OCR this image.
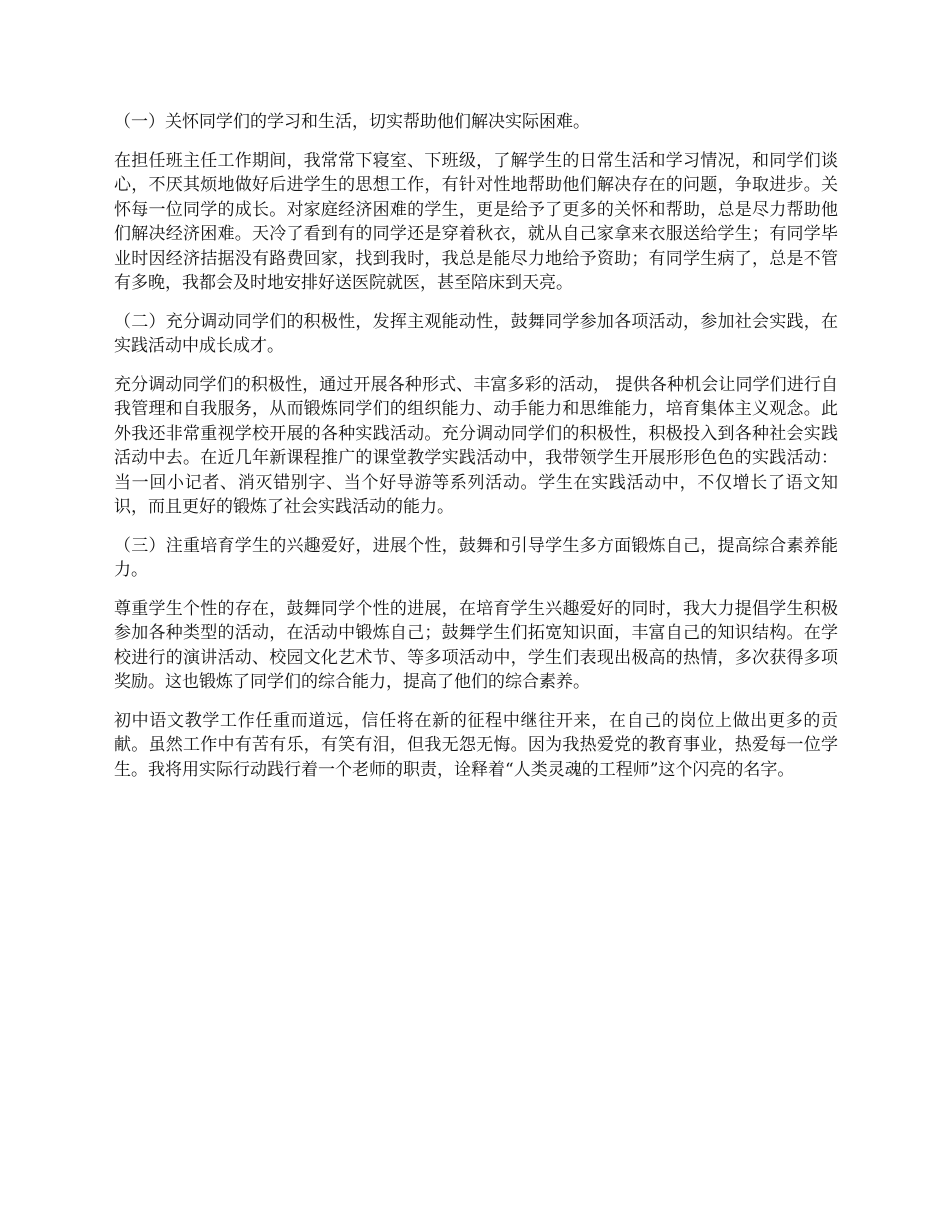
（一）关怀同学们的学习和生活，切实帮助他们解决实际困难。

在担任班主任工作期间，我常常下寝室、下班级，了解学生的日常生活和学习情况，和同学们谈心，不厌其烦地做好后进学生的思想工作，有针对性地帮助他们解决存在的问题，争取进步。关怀每一位同学的成长。对家庭经济困难的学生，更是给予了更多的关怀和帮助，总是尽力帮助他们解决经济困难。天冷了看到有的同学还是穿着秋衣，就从自己家拿来衣服送给学生；有同学毕业时因经济拮据没有路费回家，找到我时，我总是能尽力地给予资助；有同学生病了，总是不管有多晚，我都会及时地安排好送医院就医，甚至陪床到天亮。

（二）充分调动同学们的积极性，发挥主观能动性，鼓舞同学参加各项活动，参加社会实践，在实践活动中成长成才。

充分调动同学们的积极性，通过开展各种形式、丰富多彩的活动， 提供各种机会让同学们进行自我管理和自我服务，从而锻炼同学们的组织能力、动手能力和思维能力，培育集体主义观念。此外我还非常重视学校开展的各种实践活动。充分调动同学们的积极性，积极投入到各种社会实践活动中去。在近几年新课程推广的课堂教学实践活动中，我带领学生开展形形色色的实践活动：当一回小记者、消灭错别字、当个好导游等系列活动。学生在实践活动中，不仅增长了语文知识，而且更好的锻炼了社会实践活动的能力。

（三）注重培育学生的兴趣爱好，进展个性，鼓舞和引导学生多方面锻炼自己，提高综合素养能力。

尊重学生个性的存在，鼓舞同学个性的进展，在培育学生兴趣爱好的同时，我大力提倡学生积极参加各种类型的活动，在活动中锻炼自己；鼓舞学生们拓宽知识面，丰富自己的知识结构。在学校进行的演讲活动、校园文化艺术节、等多项活动中，学生们表现出极高的热情，多次获得多项奖励。这也锻炼了同学们的综合能力，提高了他们的综合素养。

初中语文教学工作任重而道远，信任将在新的征程中继往开来，在自己的岗位上做出更多的贡献。虽然工作中有苦有乐，有笑有泪，但我无怨无悔。因为我热爱党的教育事业，热爱每一位学生。我将用实际行动践行着一个老师的职责，诠释着“人类灵魂的工程师”这个闪亮的名字。
